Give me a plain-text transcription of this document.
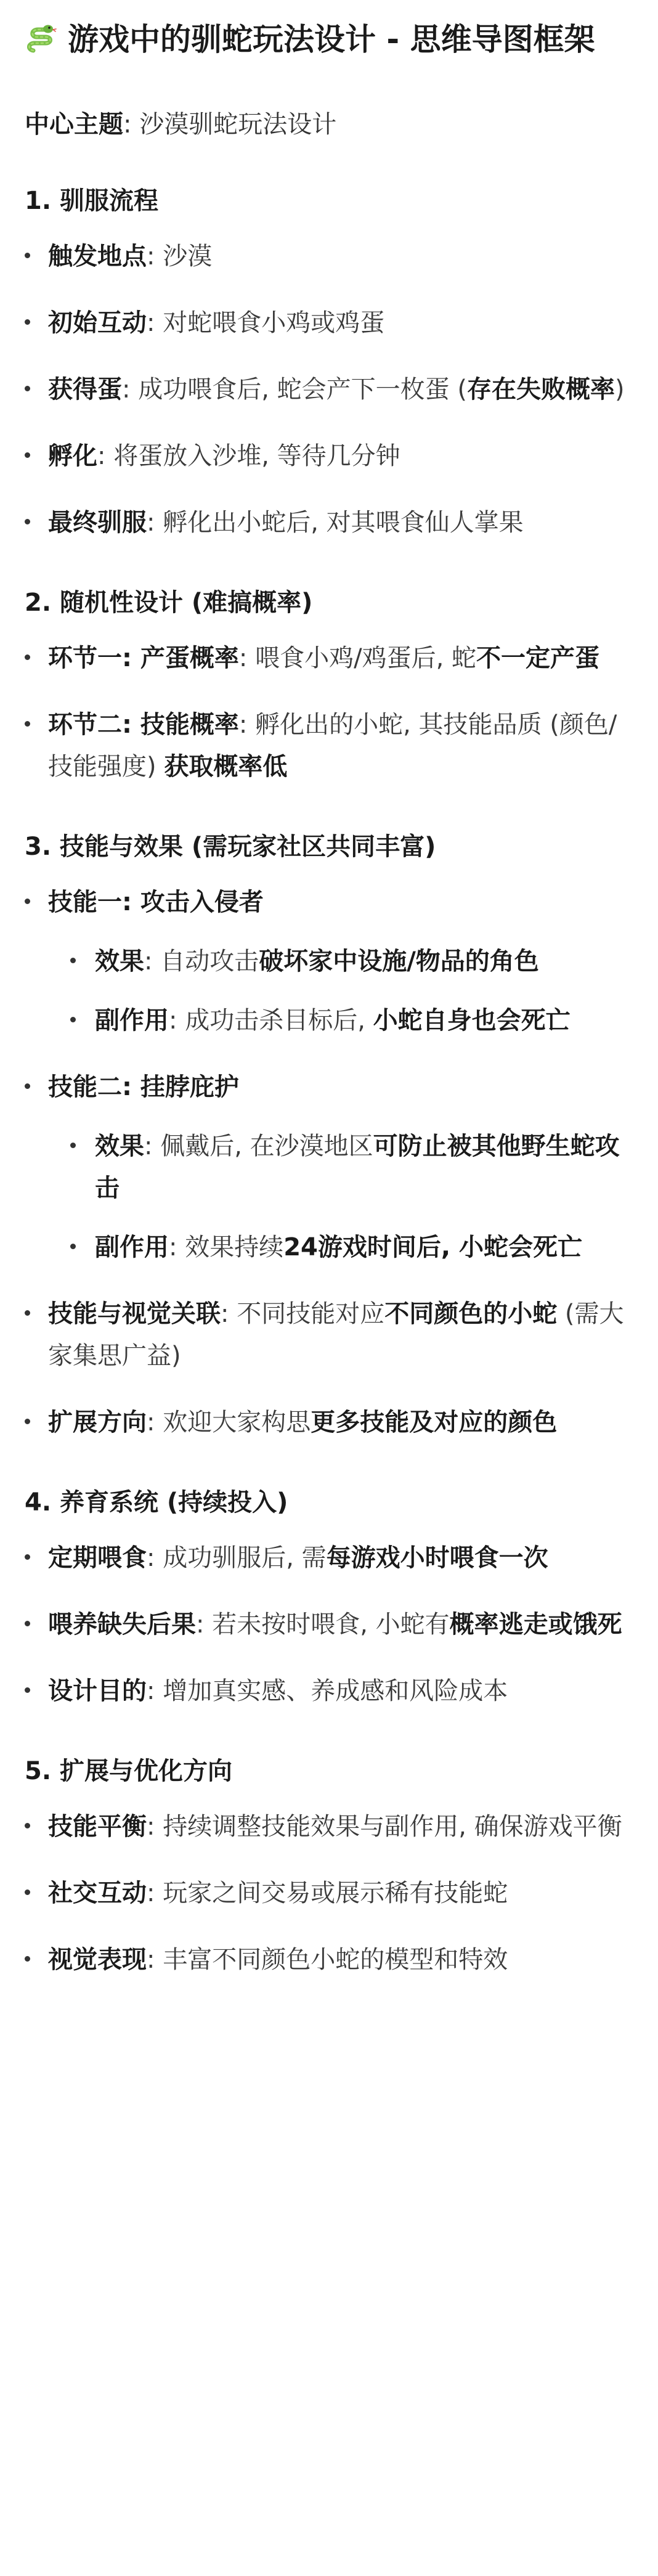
游戏中的驯蛇玩法设计 - 思维导图框架
中心主题: 沙漠驯蛇玩法设计
1. 驯服流程
触发地点: 沙漠
初始互动: 对蛇喂食小鸡或鸡蛋
获得蛋: 成功喂食后, 蛇会产下一枚蛋 (存在失败概率)
孵化: 将蛋放入沙堆, 等待几分钟
最终驯服: 孵化出小蛇后, 对其喂食仙人掌果
2. 随机性设计 (难搞概率)
环节一: 产蛋概率: 喂食小鸡/鸡蛋后, 蛇不一定产蛋
环节二: 技能概率: 孵化出的小蛇, 其技能品质 (颜色/技能强度) 获取概率低
3. 技能与效果 (需玩家社区共同丰富)
技能一: 攻击入侵者
效果: 自动攻击破坏家中设施/物品的角色
副作用: 成功击杀目标后, 小蛇自身也会死亡
技能二: 挂脖庇护
效果: 佩戴后, 在沙漠地区可防止被其他野生蛇攻击
副作用: 效果持续24游戏时间后, 小蛇会死亡
技能与视觉关联: 不同技能对应不同颜色的小蛇 (需大家集思广益)
扩展方向: 欢迎大家构思更多技能及对应的颜色
4. 养育系统 (持续投入)
定期喂食: 成功驯服后, 需每游戏小时喂食一次
喂养缺失后果: 若未按时喂食, 小蛇有概率逃走或饿死
设计目的: 增加真实感、养成感和风险成本
5. 扩展与优化方向
技能平衡: 持续调整技能效果与副作用, 确保游戏平衡
社交互动: 玩家之间交易或展示稀有技能蛇
视觉表现: 丰富不同颜色小蛇的模型和特效
